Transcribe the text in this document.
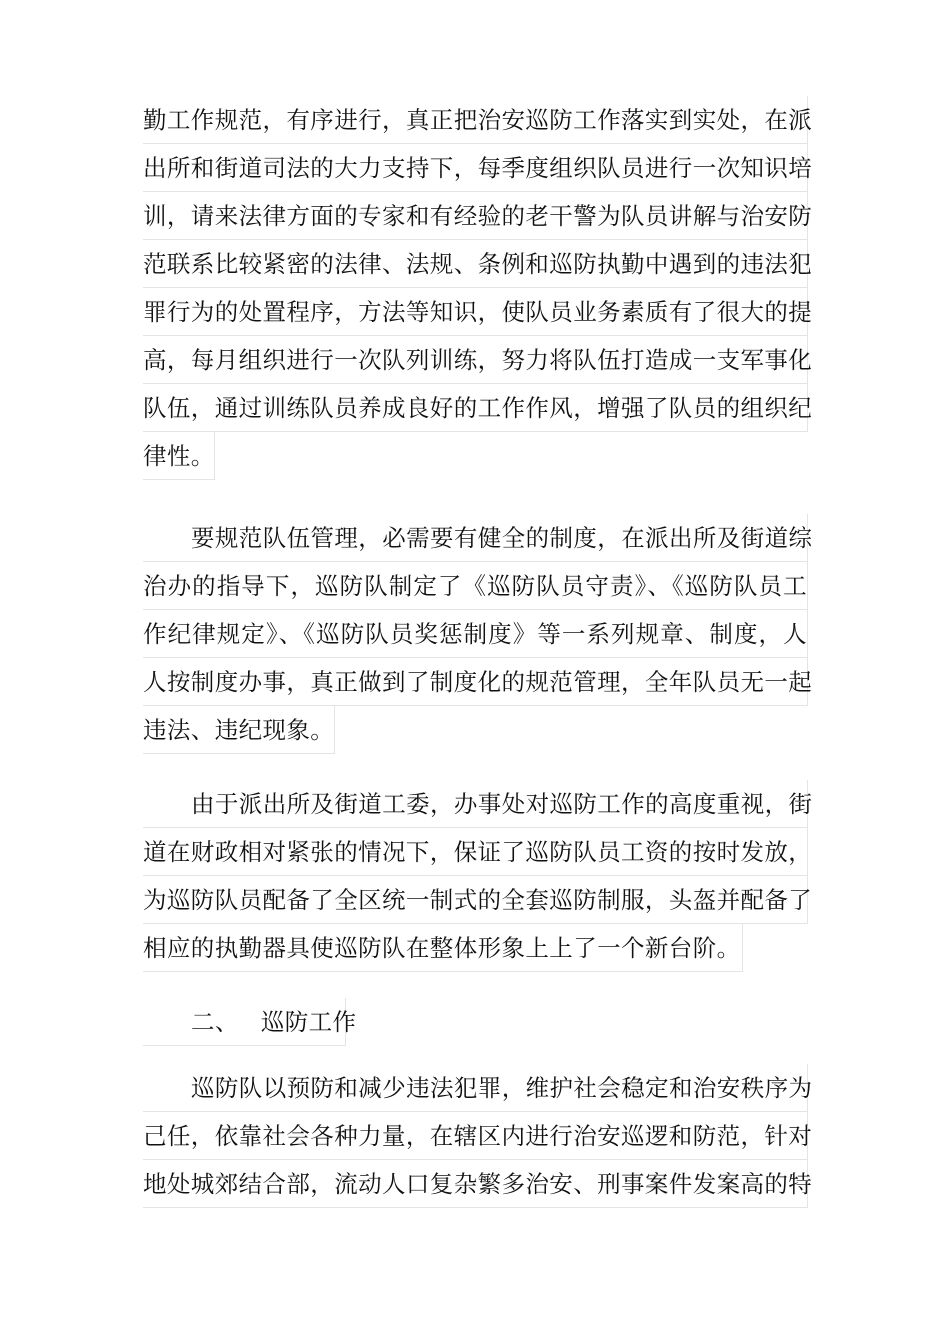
勤工作规范，有序进行，真正把治安巡防工作落实到实处，在派
出所和街道司法的大力支持下，每季度组织队员进行一次知识培
训，请来法律方面的专家和有经验的老干警为队员讲解与治安防
范联系比较紧密的法律、法规、条例和巡防执勤中遇到的违法犯
罪行为的处置程序，方法等知识，使队员业务素质有了很大的提
高，每月组织进行一次队列训练，努力将队伍打造成一支军事化
队伍，通过训练队员养成良好的工作作风，增强了队员的组织纪
律性。
要规范队伍管理，必需要有健全的制度，在派出所及街道综
治办的指导下，巡防队制定了《巡防队员守责》、《巡防队员工
作纪律规定》、《巡防队员奖惩制度》等一系列规章、制度，人
人按制度办事，真正做到了制度化的规范管理，全年队员无一起
违法、违纪现象。
由于派出所及街道工委，办事处对巡防工作的高度重视，街
道在财政相对紧张的情况下，保证了巡防队员工资的按时发放，
为巡防队员配备了全区统一制式的全套巡防制服，头盔并配备了
相应的执勤器具使巡防队在整体形象上上了一个新台阶。
二、 巡防工作
巡防队以预防和减少违法犯罪，维护社会稳定和治安秩序为
己任，依靠社会各种力量，在辖区内进行治安巡逻和防范，针对
地处城郊结合部，流动人口复杂繁多治安、刑事案件发案高的特
